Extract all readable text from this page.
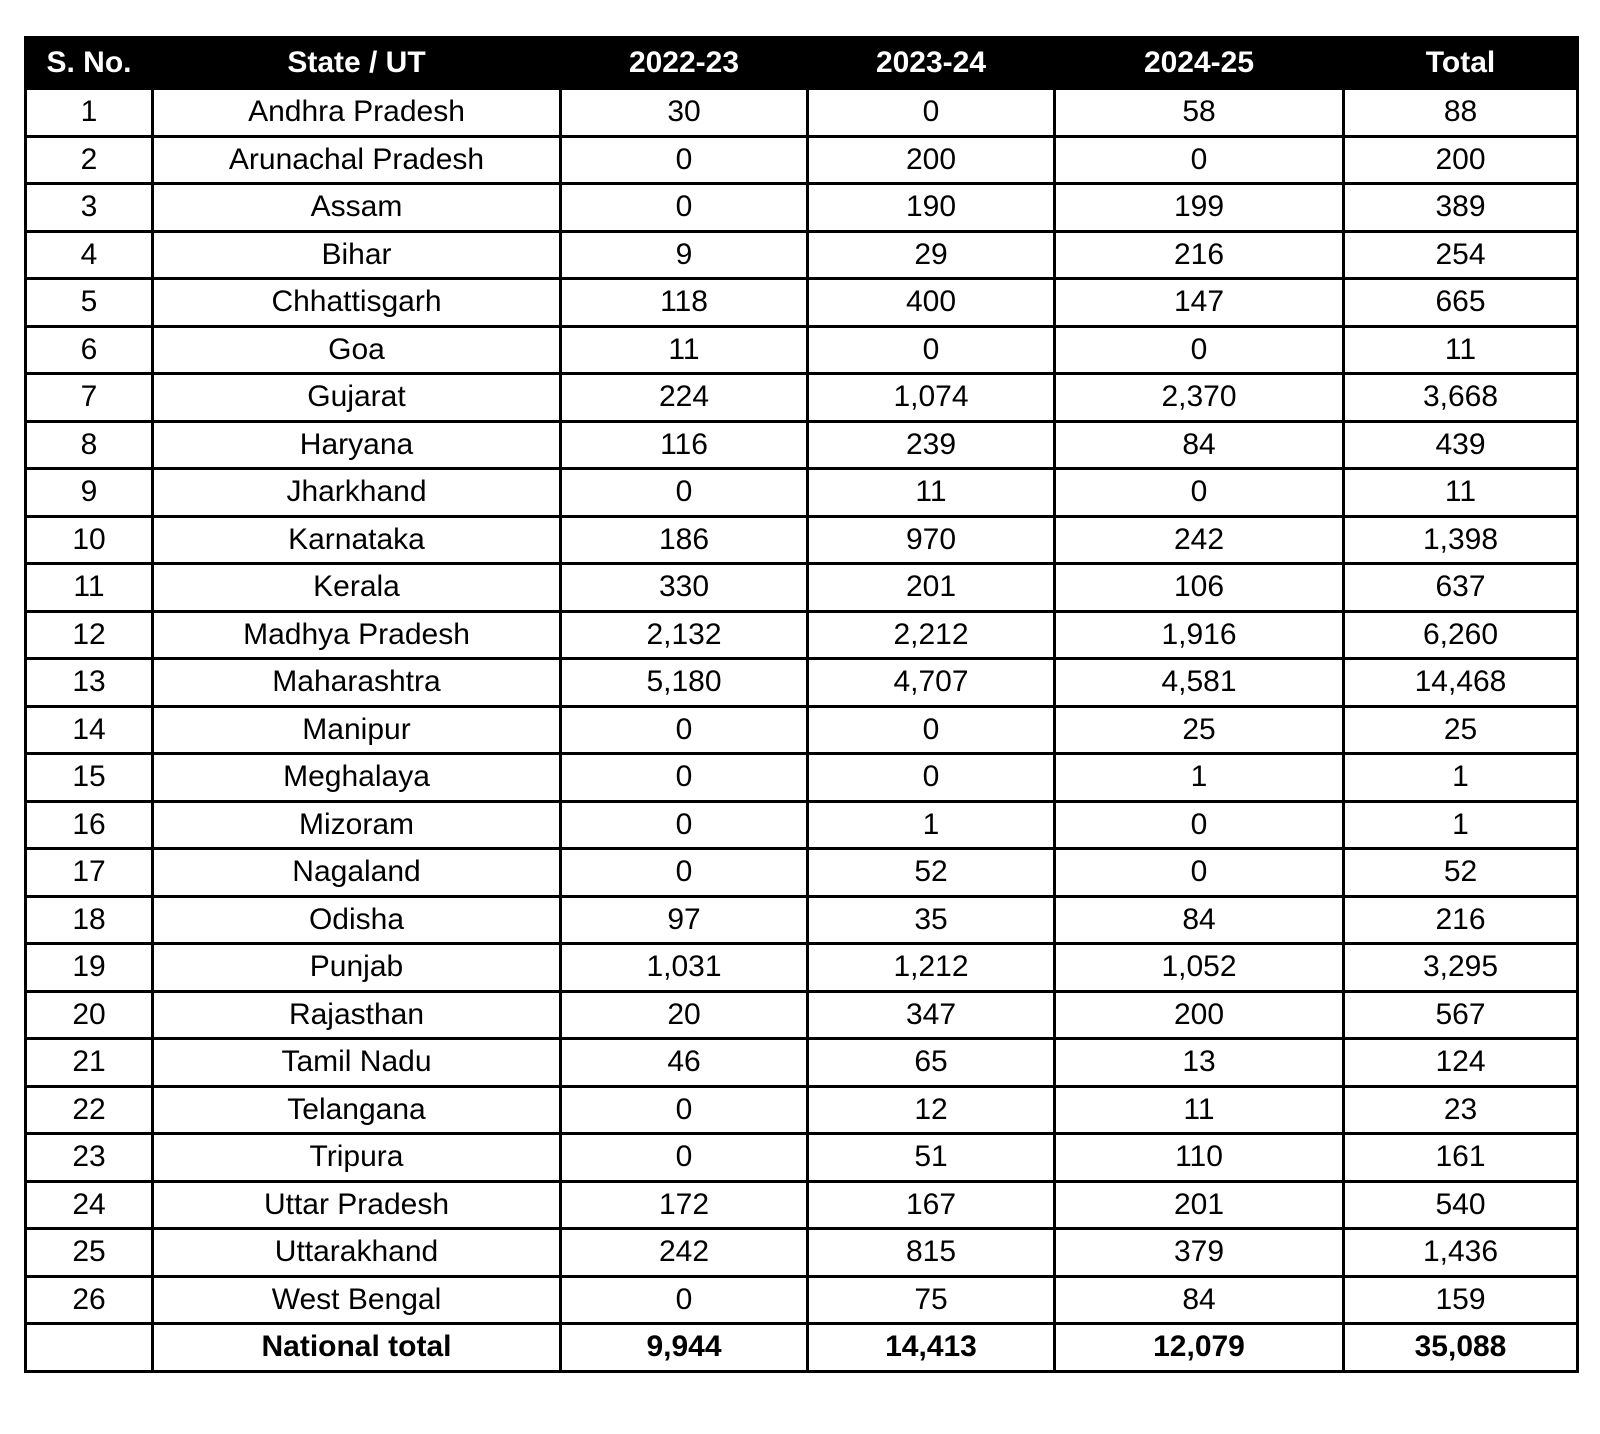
S. No.	State / UT	2022-23	2023-24	2024-25	Total
1	Andhra Pradesh	30	0	58	88
2	Arunachal Pradesh	0	200	0	200
3	Assam	0	190	199	389
4	Bihar	9	29	216	254
5	Chhattisgarh	118	400	147	665
6	Goa	11	0	0	11
7	Gujarat	224	1,074	2,370	3,668
8	Haryana	116	239	84	439
9	Jharkhand	0	11	0	11
10	Karnataka	186	970	242	1,398
11	Kerala	330	201	106	637
12	Madhya Pradesh	2,132	2,212	1,916	6,260
13	Maharashtra	5,180	4,707	4,581	14,468
14	Manipur	0	0	25	25
15	Meghalaya	0	0	1	1
16	Mizoram	0	1	0	1
17	Nagaland	0	52	0	52
18	Odisha	97	35	84	216
19	Punjab	1,031	1,212	1,052	3,295
20	Rajasthan	20	347	200	567
21	Tamil Nadu	46	65	13	124
22	Telangana	0	12	11	23
23	Tripura	0	51	110	161
24	Uttar Pradesh	172	167	201	540
25	Uttarakhand	242	815	379	1,436
26	West Bengal	0	75	84	159
	National total	9,944	14,413	12,079	35,088
